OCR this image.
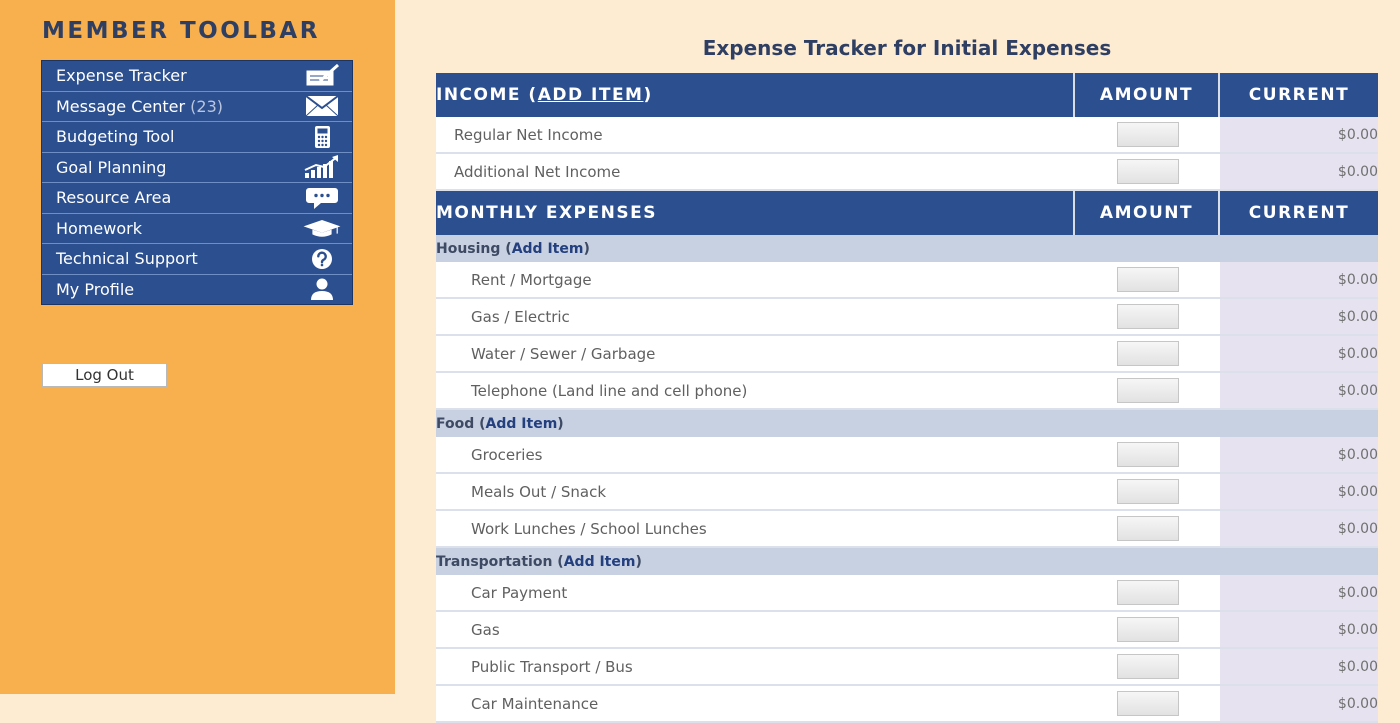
MEMBER TOOLBAR
Expense Tracker
Message Center (23)
Budgeting Tool
Goal Planning
Resource Area
Homework
Technical Support
My Profile
Log Out
Expense Tracker for Initial Expenses
INCOME (ADD ITEM)	AMOUNT	CURRENT
Regular Net Income		$0.00
Additional Net Income		$0.00
MONTHLY EXPENSES	AMOUNT	CURRENT
Housing (Add Item)		
Rent / Mortgage		$0.00
Gas / Electric		$0.00
Water / Sewer / Garbage		$0.00
Telephone (Land line and cell phone)		$0.00
Food (Add Item)		
Groceries		$0.00
Meals Out / Snack		$0.00
Work Lunches / School Lunches		$0.00
Transportation (Add Item)		
Car Payment		$0.00
Gas		$0.00
Public Transport / Bus		$0.00
Car Maintenance		$0.00
